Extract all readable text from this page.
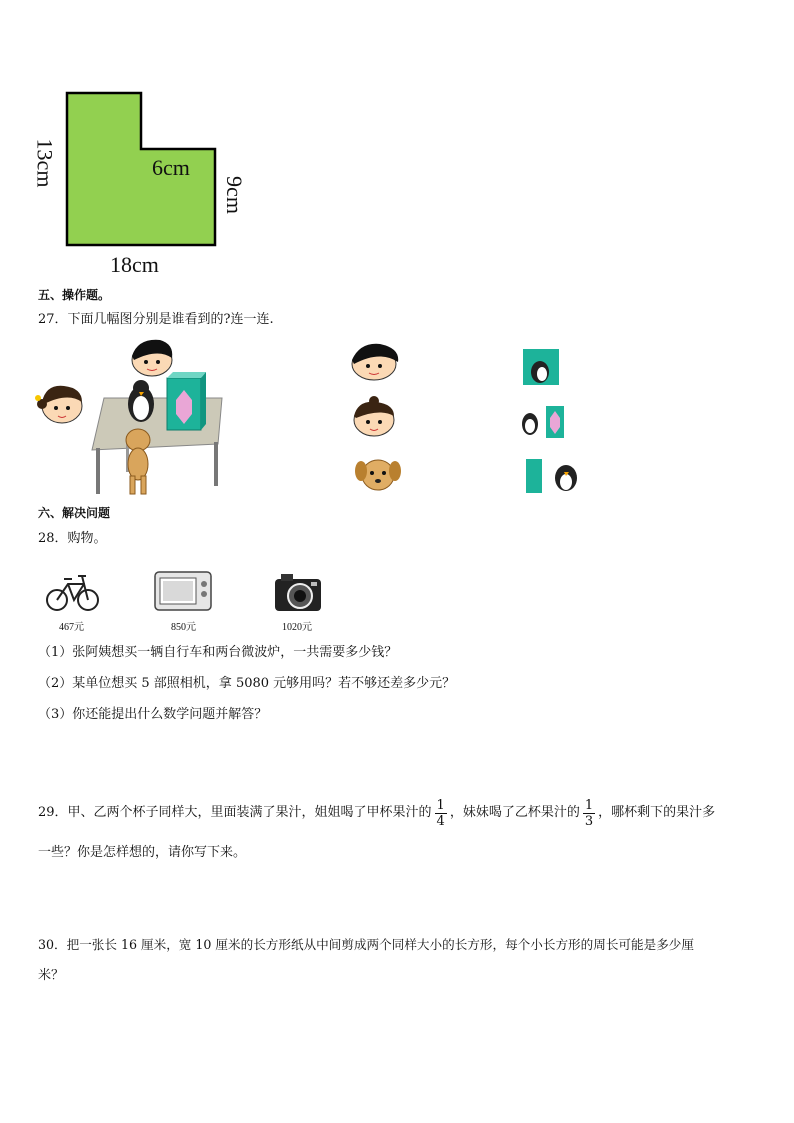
13cm	6cm
9cm
18cm
五、操作题。
27．下面几幅图分别是谁看到的?连一连.
六、解决问题
28．购物。
467元	850元	1020元
（1）张阿姨想买一辆自行车和两台微波炉，一共需要多少钱？
（2）某单位想买 5 部照相机，拿 5080 元够用吗？若不够还差多少元？
（3）你还能提出什么数学问题并解答？
29．甲、乙两个杯子同样大，里面装满了果汁，姐姐喝了甲杯果汁的 $\frac{1}{4}$ ，妹妹喝了乙杯果汁的 $\frac{1}{3}$ ，哪杯剩下的果汁多
一些？你是怎样想的，请你写下来。
30．把一张长 16 厘米，宽 10 厘米的长方形纸从中间剪成两个同样大小的长方形，每个小长方形的周长可能是多少厘
米？
